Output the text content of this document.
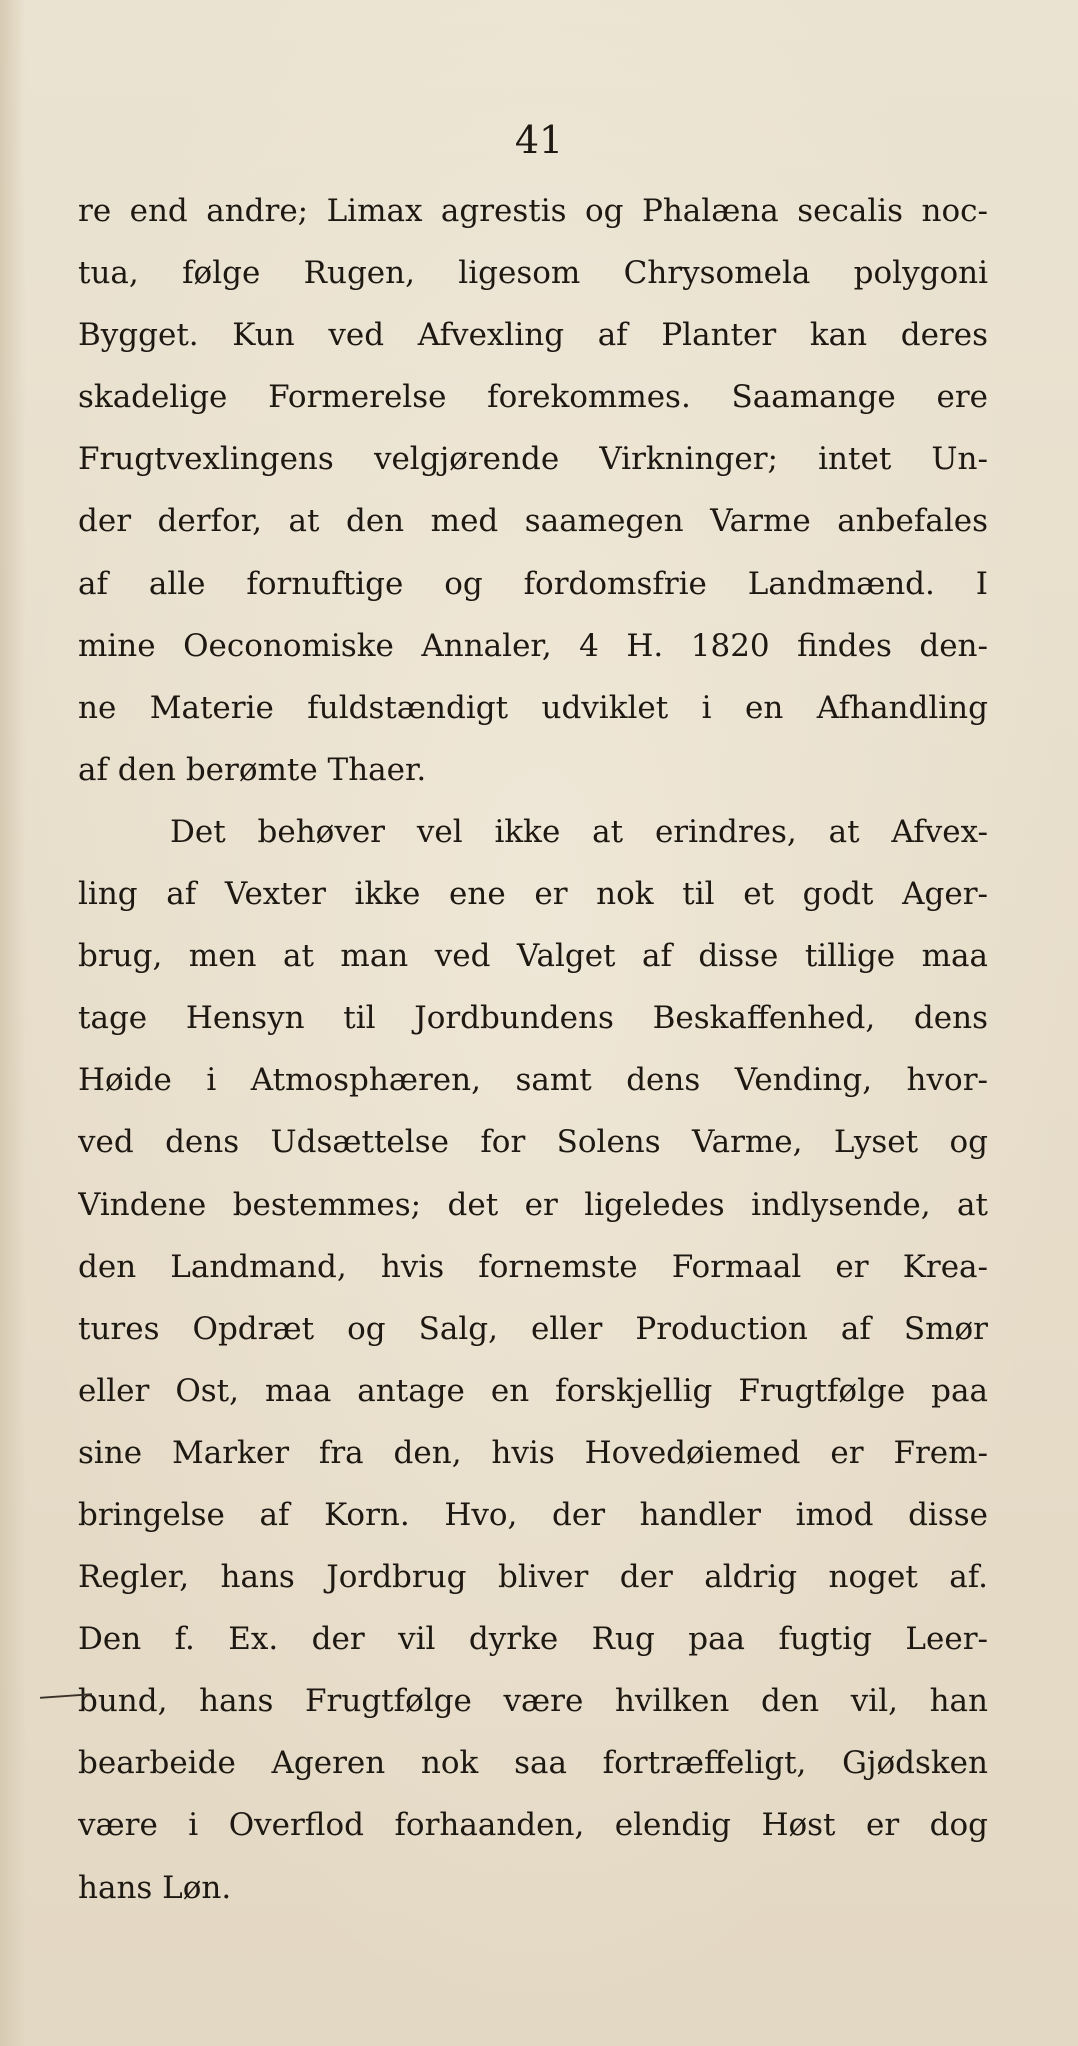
41
re end andre; Limax agrestis og Phalæna secalis noc-
tua, følge Rugen, ligesom Chrysomela polygoni
Bygget. Kun ved Afvexling af Planter kan deres
skadelige Formerelse forekommes. Saamange ere
Frugtvexlingens velgjørende Virkninger; intet Un-
der derfor, at den med saamegen Varme anbefales
af alle fornuftige og fordomsfrie Landmænd. I
mine Oeconomiske Annaler, 4 H. 1820 findes den-
ne Materie fuldstændigt udviklet i en Afhandling
af den berømte Thaer.
Det behøver vel ikke at erindres, at Afvex-
ling af Vexter ikke ene er nok til et godt Ager-
brug, men at man ved Valget af disse tillige maa
tage Hensyn til Jordbundens Beskaffenhed, dens
Høide i Atmosphæren, samt dens Vending, hvor-
ved dens Udsættelse for Solens Varme, Lyset og
Vindene bestemmes; det er ligeledes indlysende, at
den Landmand, hvis fornemste Formaal er Krea-
tures Opdræt og Salg, eller Production af Smør
eller Ost, maa antage en forskjellig Frugtfølge paa
sine Marker fra den, hvis Hovedøiemed er Frem-
bringelse af Korn. Hvo, der handler imod disse
Regler, hans Jordbrug bliver der aldrig noget af.
Den f. Ex. der vil dyrke Rug paa fugtig Leer-
bund, hans Frugtfølge være hvilken den vil, han
bearbeide Ageren nok saa fortræffeligt, Gjødsken
være i Overflod forhaanden, elendig Høst er dog
hans Løn.
